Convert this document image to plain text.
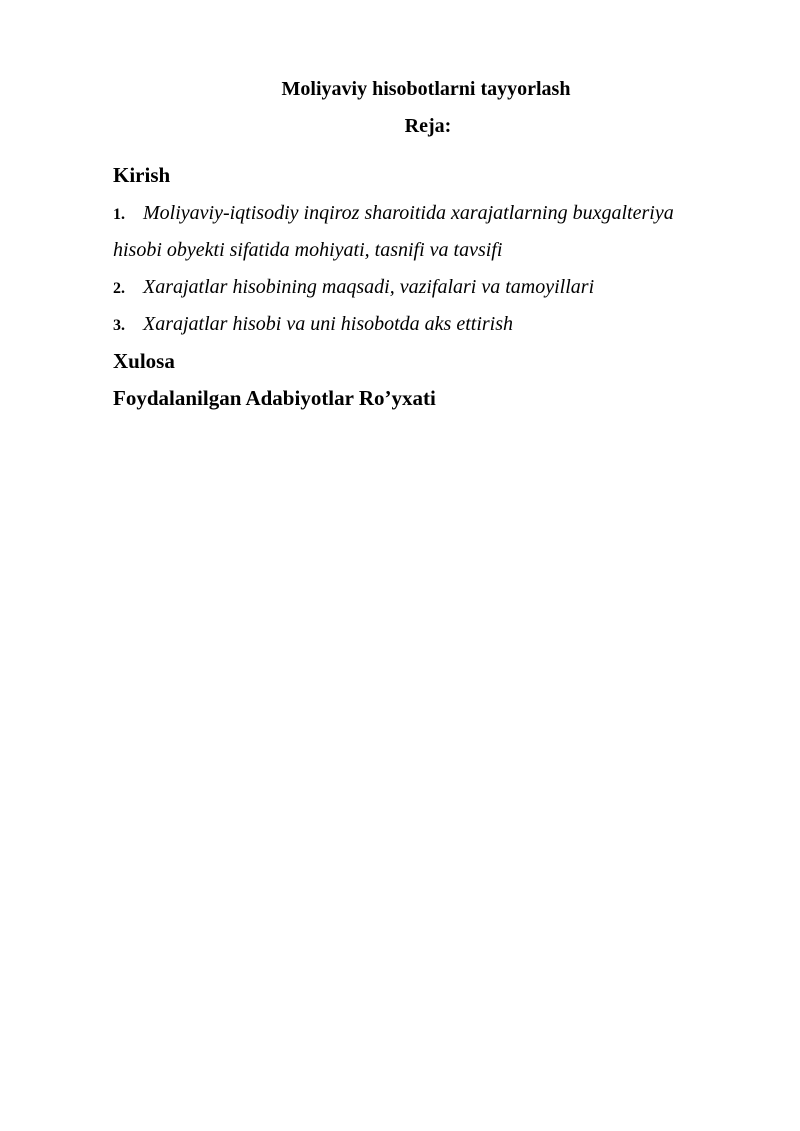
Moliyaviy hisobotlarni tayyorlash
Reja:
Kirish
1. Moliyaviy-iqtisodiy inqiroz sharoitida xarajatlarning buxgalteriya
hisobi obyekti sifatida mohiyati, tasnifi va tavsifi
2. Xarajatlar hisobining maqsadi, vazifalari va tamoyillari
3. Xarajatlar hisobi va uni hisobotda aks ettirish
Xulosa
Foydalanilgan Adabiyotlar Ro’yxati
